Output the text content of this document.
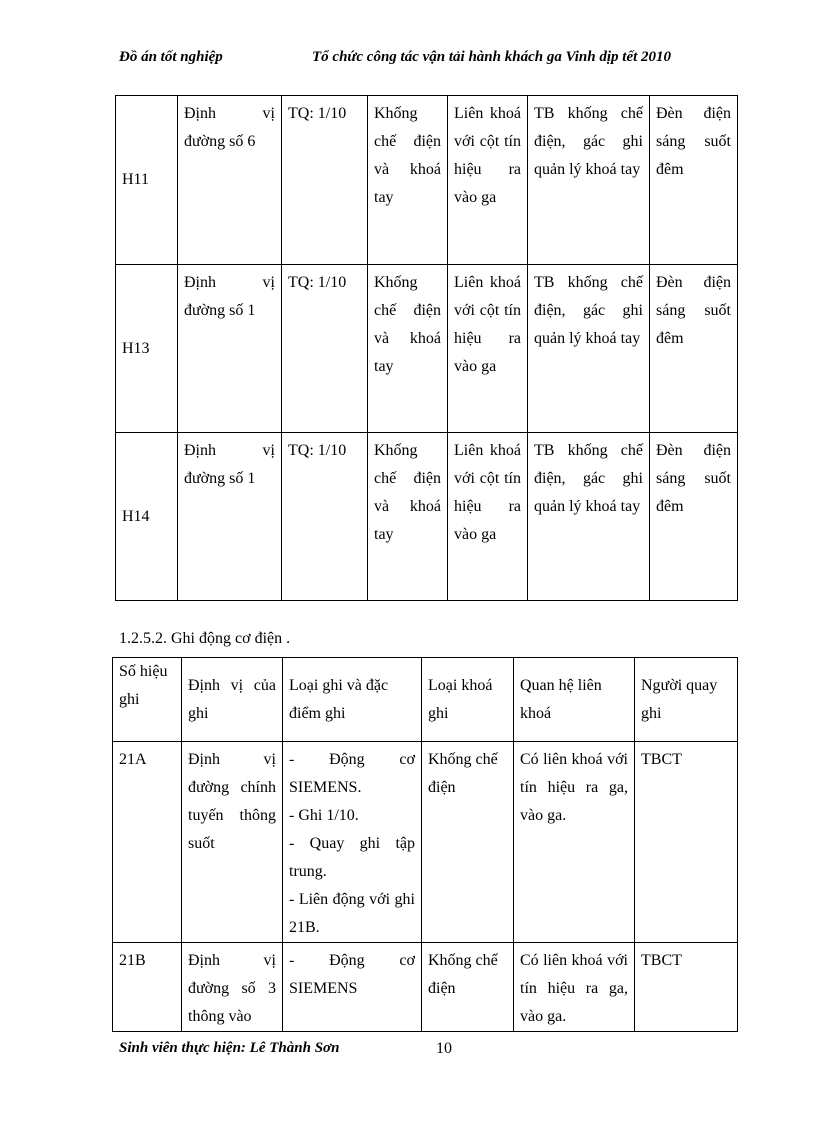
Đồ án tốt nghiệp	Tổ chức công tác vận tải hành khách ga Vinh dịp tết 2010
H11	Định vị đường số 6	TQ: 1/10	Khống chế điện và khoá tay	Liên khoá với cột tín hiệu ra vào ga	TB khống chế điện, gác ghi quản lý khoá tay	Đèn điện sáng suốt đêm
H13	Định vị đường số 1	TQ: 1/10	Khống chế điện và khoá tay	Liên khoá với cột tín hiệu ra vào ga	TB khống chế điện, gác ghi quản lý khoá tay	Đèn điện sáng suốt đêm
H14	Định vị đường số 1	TQ: 1/10	Khống chế điện và khoá tay	Liên khoá với cột tín hiệu ra vào ga	TB khống chế điện, gác ghi quản lý khoá tay	Đèn điện sáng suốt đêm
1.2.5.2. Ghi động cơ điện .
Số hiệu ghi	Định vị của ghi	Loại ghi và đặc điểm ghi	Loại khoá ghi	Quan hệ liên khoá	Người quay ghi
21A	Định vị đường chính tuyến thông suốt	- Động cơ SIEMENS.
- Ghi 1/10.
- Quay ghi tập trung.
- Liên động với ghi 21B.	Khống chế điện	Có liên khoá với tín hiệu ra ga, vào ga.	TBCT
21B	Định vị đường số 3 thông vào	- Động cơ SIEMENS	Khống chế điện	Có liên khoá với tín hiệu ra ga, vào ga.	TBCT
Sinh viên thực hiện: Lê Thành Sơn	10
